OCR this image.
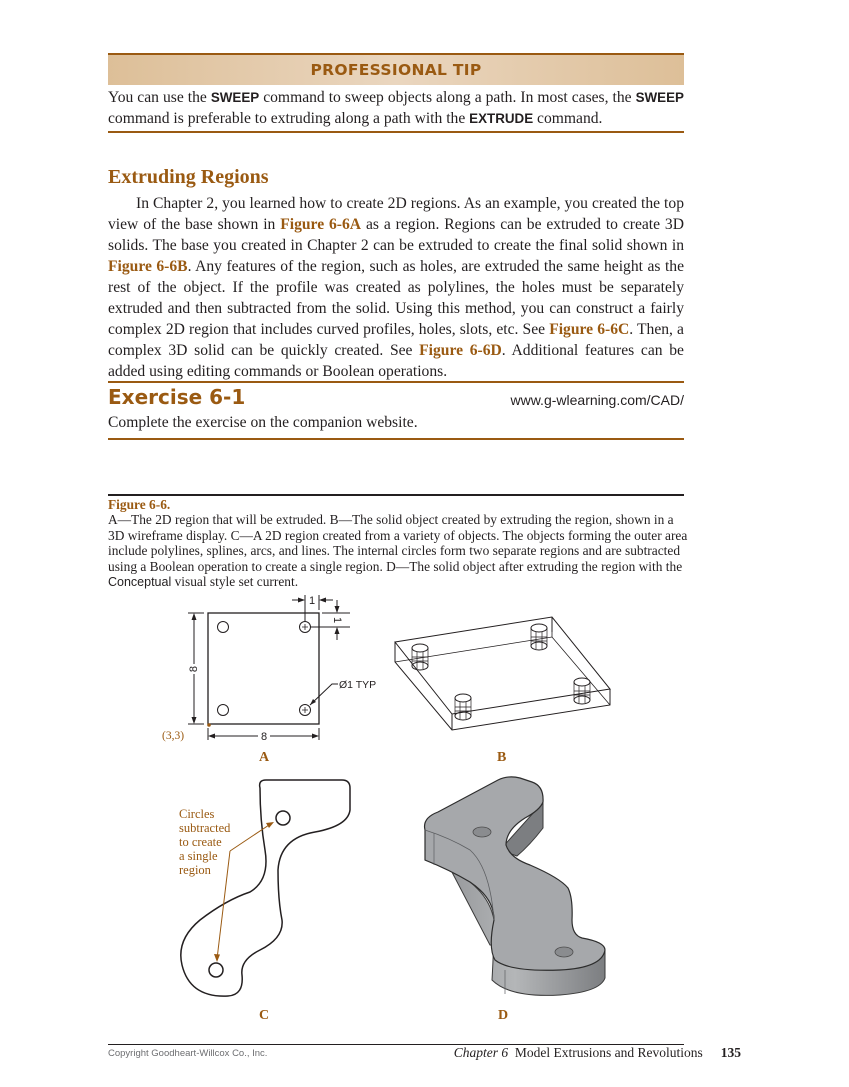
PROFESSIONAL TIP
You can use the SWEEP command to sweep objects along a path. In most cases, the SWEEP command is preferable to extruding along a path with the EXTRUDE command.
Extruding Regions

In Chapter 2, you learned how to create 2D regions. As an example, you created the top view of the base shown in Figure 6-6A as a region. Regions can be extruded to create 3D solids. The base you created in Chapter 2 can be extruded to create the final solid shown in Figure 6-6B. Any features of the region, such as holes, are extruded the same height as the rest of the object. If the profile was created as polylines, the holes must be separately extruded and then subtracted from the solid. Using this method, you can construct a fairly complex 2D region that includes curved profiles, holes, slots, etc. See Figure 6-6C. Then, a complex 3D solid can be quickly created. See Figure 6-6D. Additional features can be added using editing commands or Boolean operations.

Exercise 6-1	www.g-wlearning.com/CAD/
Complete the exercise on the companion website.
Figure 6-6.
A—The 2D region that will be extruded. B—The solid object created by extruding the region, shown in a 3D wireframe display. C—A 2D region created from a variety of objects. The objects forming the outer area include polylines, splines, arcs, and lines. The internal circles form two separate regions and are subtracted using a Boolean operation to create a single region. D—The solid object after extruding the region with the Conceptual visual style set current.
8
8
1
1
Ø1 TYP
(3,3)
A	B
Circles subtracted to create a single region
C	D
Copyright Goodheart-Willcox Co., Inc.	Chapter 6 Model Extrusions and Revolutions 135
